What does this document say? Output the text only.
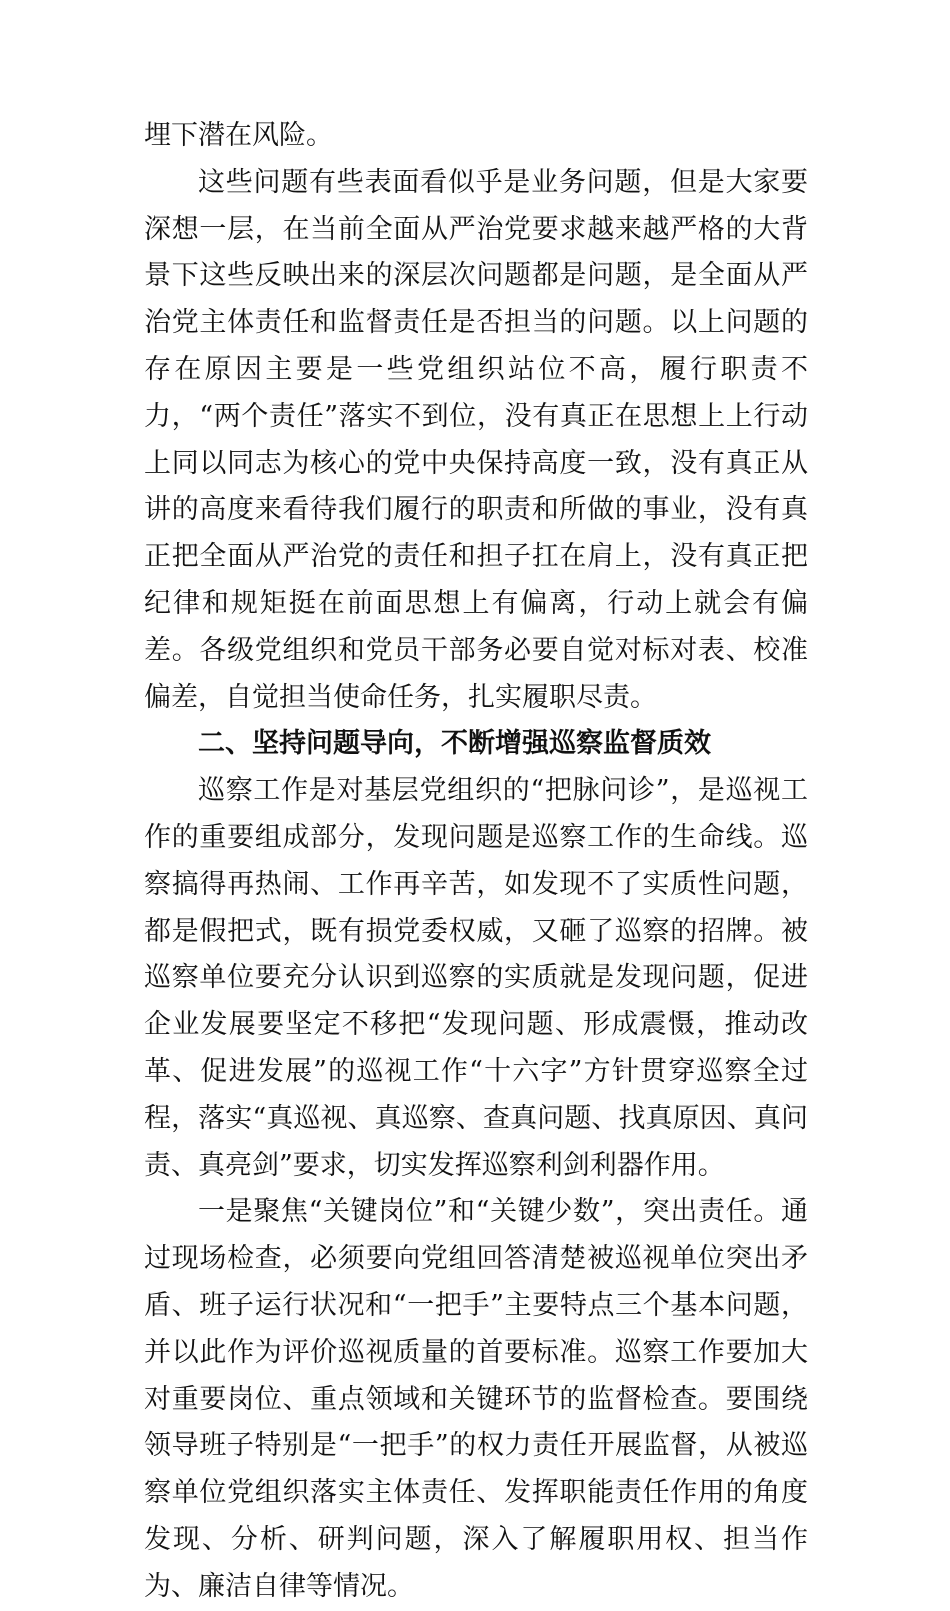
埋下潜在风险。

这些问题有些表面看似乎是业务问题，但是大家要深想一层，在当前全面从严治党要求越来越严格的大背景下这些反映出来的深层次问题都是问题，是全面从严治党主体责任和监督责任是否担当的问题。以上问题的存在原因主要是一些党组织站位不高，履行职责不力，“两个责任”落实不到位，没有真正在思想上上行动上同以同志为核心的党中央保持高度一致，没有真正从讲的高度来看待我们履行的职责和所做的事业，没有真正把全面从严治党的责任和担子扛在肩上，没有真正把纪律和规矩挺在前面思想上有偏离，行动上就会有偏差。各级党组织和党员干部务必要自觉对标对表、校准偏差，自觉担当使命任务，扎实履职尽责。

二、坚持问题导向，不断增强巡察监督质效

巡察工作是对基层党组织的“把脉问诊”，是巡视工作的重要组成部分，发现问题是巡察工作的生命线。巡察搞得再热闹、工作再辛苦，如发现不了实质性问题，都是假把式，既有损党委权威，又砸了巡察的招牌。被巡察单位要充分认识到巡察的实质就是发现问题，促进企业发展要坚定不移把“发现问题、形成震慑，推动改革、促进发展”的巡视工作“十六字”方针贯穿巡察全过程，落实“真巡视、真巡察、查真问题、找真原因、真问责、真亮剑”要求，切实发挥巡察利剑利器作用。

一是聚焦“关键岗位”和“关键少数”，突出责任。通过现场检查，必须要向党组回答清楚被巡视单位突出矛盾、班子运行状况和“一把手”主要特点三个基本问题，并以此作为评价巡视质量的首要标准。巡察工作要加大对重要岗位、重点领域和关键环节的监督检查。要围绕领导班子特别是“一把手”的权力责任开展监督，从被巡察单位党组织落实主体责任、发挥职能责任作用的角度发现、分析、研判问题，深入了解履职用权、担当作为、廉洁自律等情况。
